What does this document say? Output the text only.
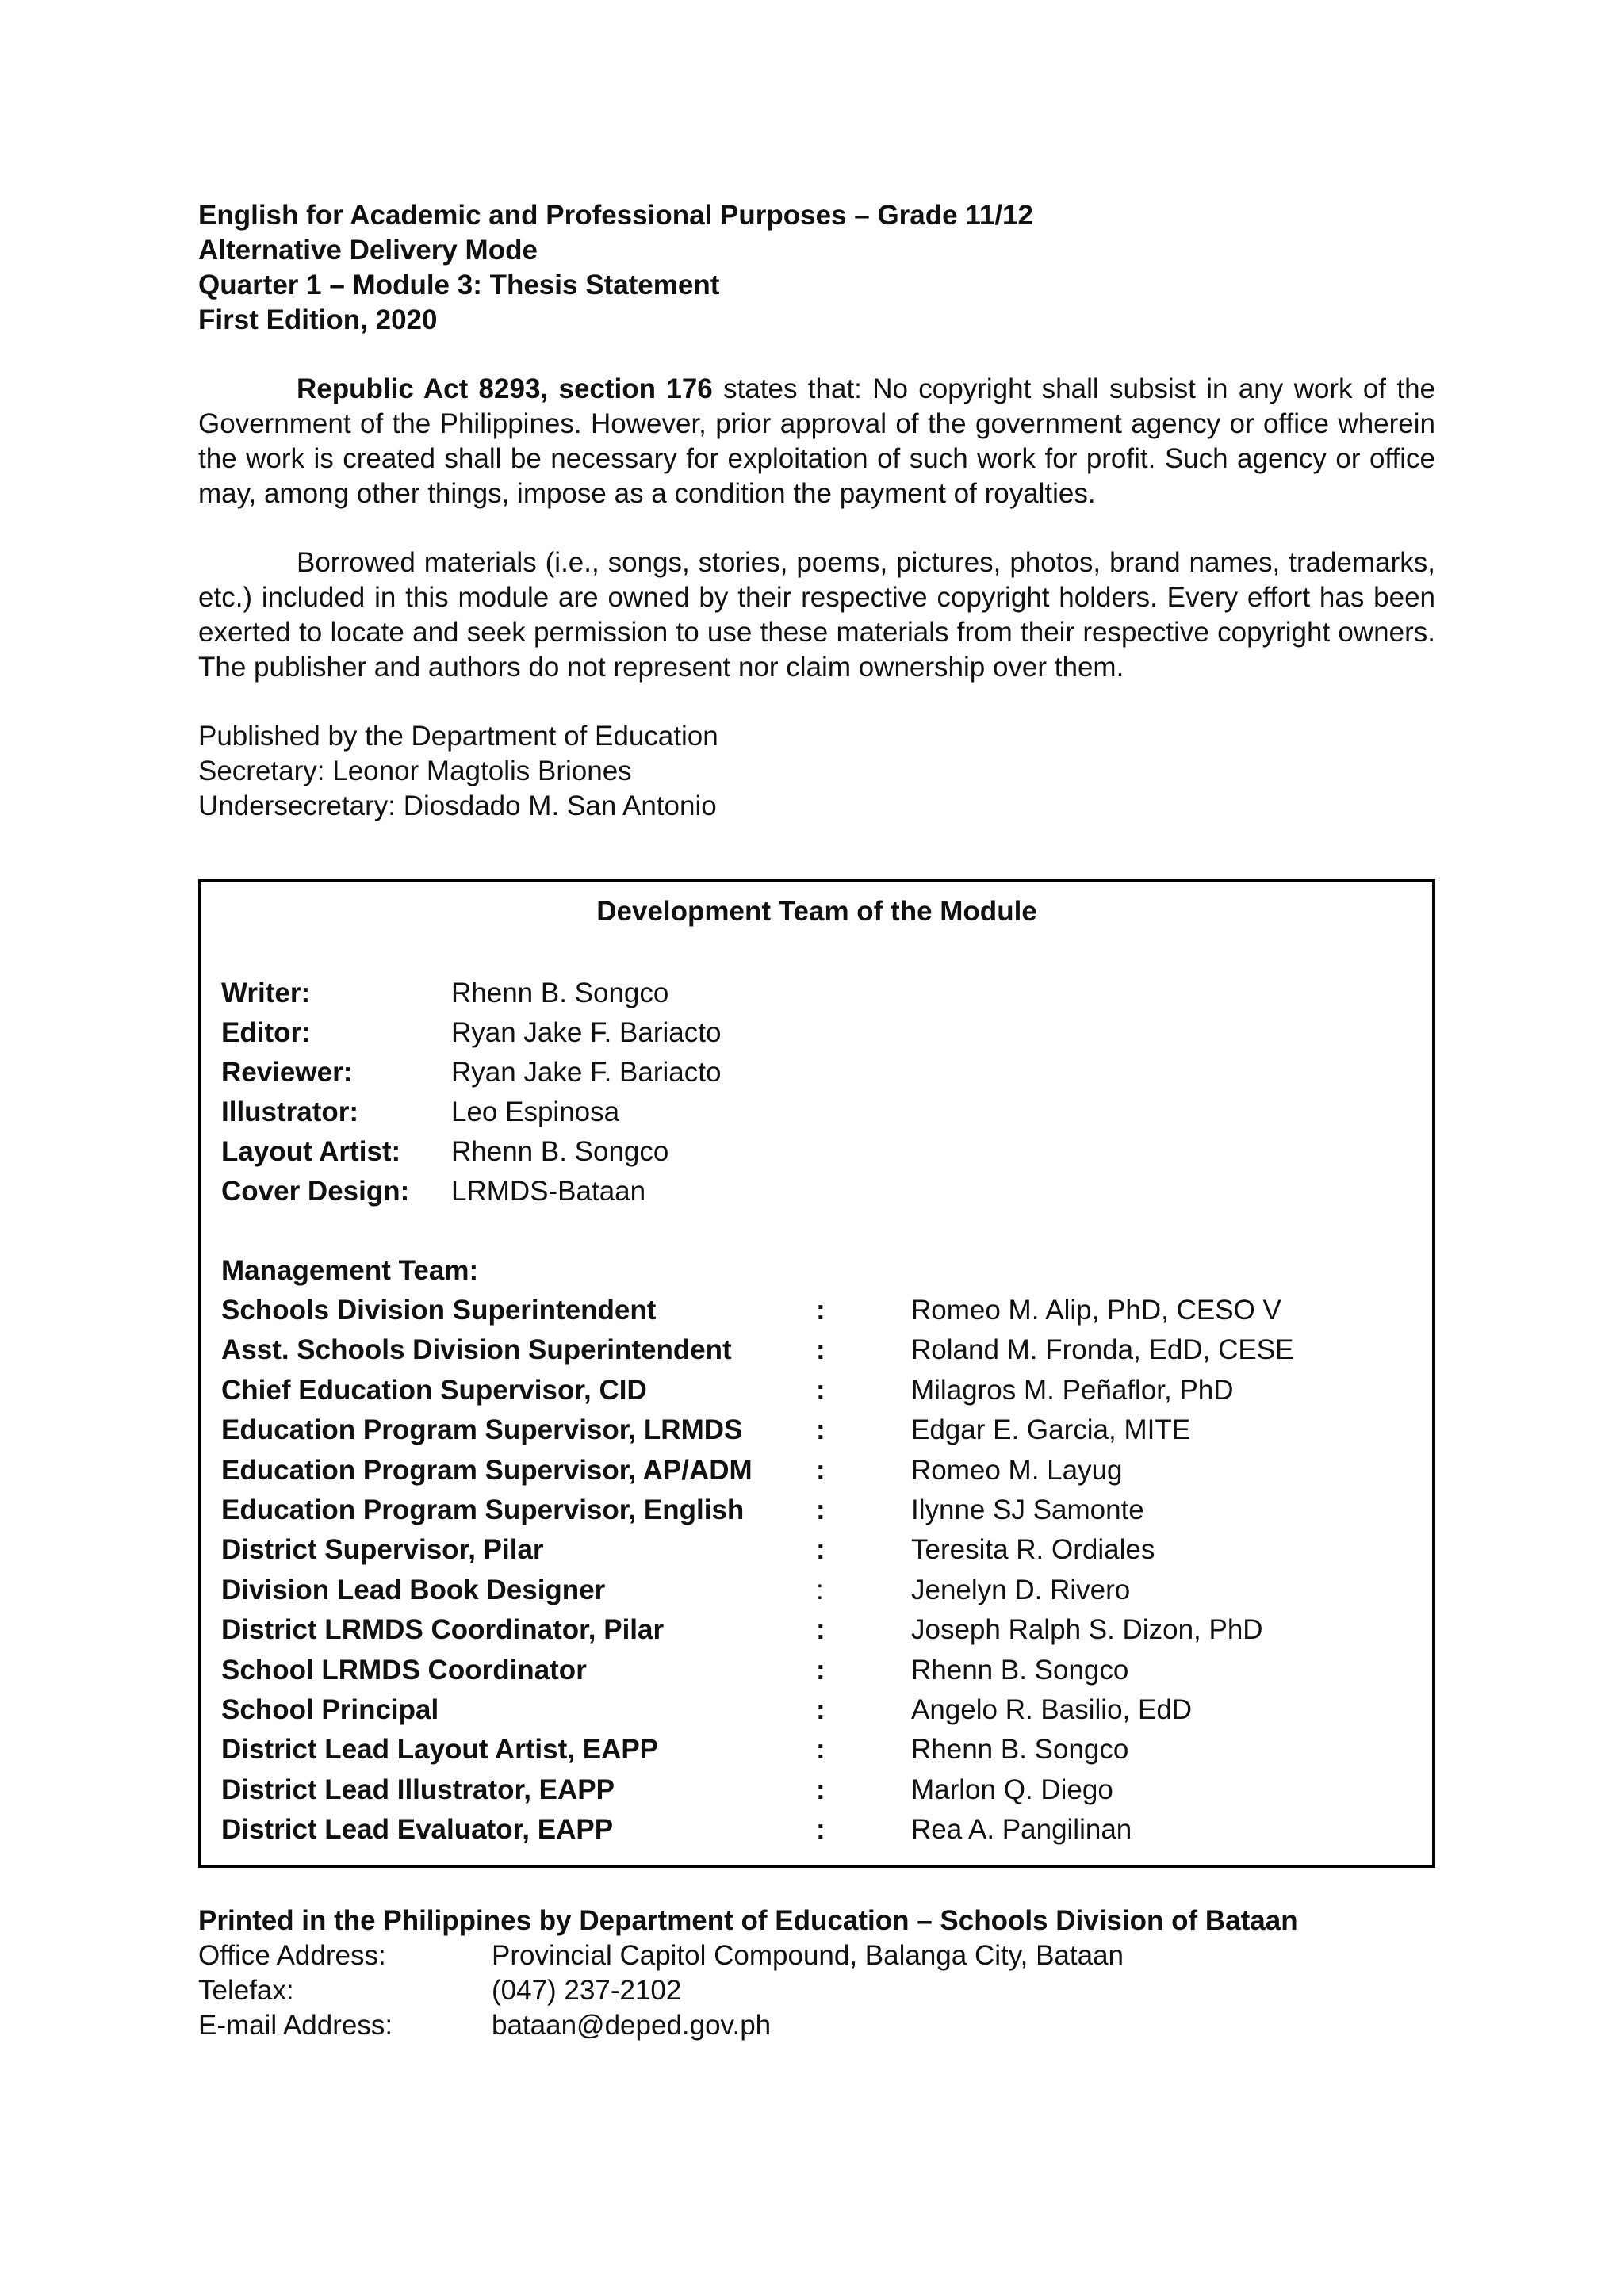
English for Academic and Professional Purposes – Grade 11/12
Alternative Delivery Mode
Quarter 1 – Module 3: Thesis Statement
First Edition, 2020

Republic Act 8293, section 176 states that: No copyright shall subsist in any work of the Government of the Philippines. However, prior approval of the government agency or office wherein the work is created shall be necessary for exploitation of such work for profit. Such agency or office may, among other things, impose as a condition the payment of royalties.

Borrowed materials (i.e., songs, stories, poems, pictures, photos, brand names, trademarks, etc.) included in this module are owned by their respective copyright holders. Every effort has been exerted to locate and seek permission to use these materials from their respective copyright owners. The publisher and authors do not represent nor claim ownership over them.

Published by the Department of Education
Secretary: Leonor Magtolis Briones
Undersecretary: Diosdado M. San Antonio
Development Team of the Module
Writer:	Rhenn B. Songco
Editor:	Ryan Jake F. Bariacto
Reviewer:	Ryan Jake F. Bariacto
Illustrator:	Leo Espinosa
Layout Artist:	Rhenn B. Songco
Cover Design:	LRMDS-Bataan
Management Team:
Schools Division Superintendent	:	Romeo M. Alip, PhD, CESO V
Asst. Schools Division Superintendent	:	Roland M. Fronda, EdD, CESE
Chief Education Supervisor, CID	:	Milagros M. Peñaflor, PhD
Education Program Supervisor, LRMDS	:	Edgar E. Garcia, MITE
Education Program Supervisor, AP/ADM	:	Romeo M. Layug
Education Program Supervisor, English	:	Ilynne SJ Samonte
District Supervisor, Pilar	:	Teresita R. Ordiales
Division Lead Book Designer	:	Jenelyn D. Rivero
District LRMDS Coordinator, Pilar	:	Joseph Ralph S. Dizon, PhD
School LRMDS Coordinator	:	Rhenn B. Songco
School Principal	:	Angelo R. Basilio, EdD
District Lead Layout Artist, EAPP	:	Rhenn B. Songco
District Lead Illustrator, EAPP	:	Marlon Q. Diego
District Lead Evaluator, EAPP	:	Rea A. Pangilinan
Printed in the Philippines by Department of Education – Schools Division of Bataan
Office Address:	Provincial Capitol Compound, Balanga City, Bataan
Telefax:	(047) 237-2102
E-mail Address:	bataan@deped.gov.ph
